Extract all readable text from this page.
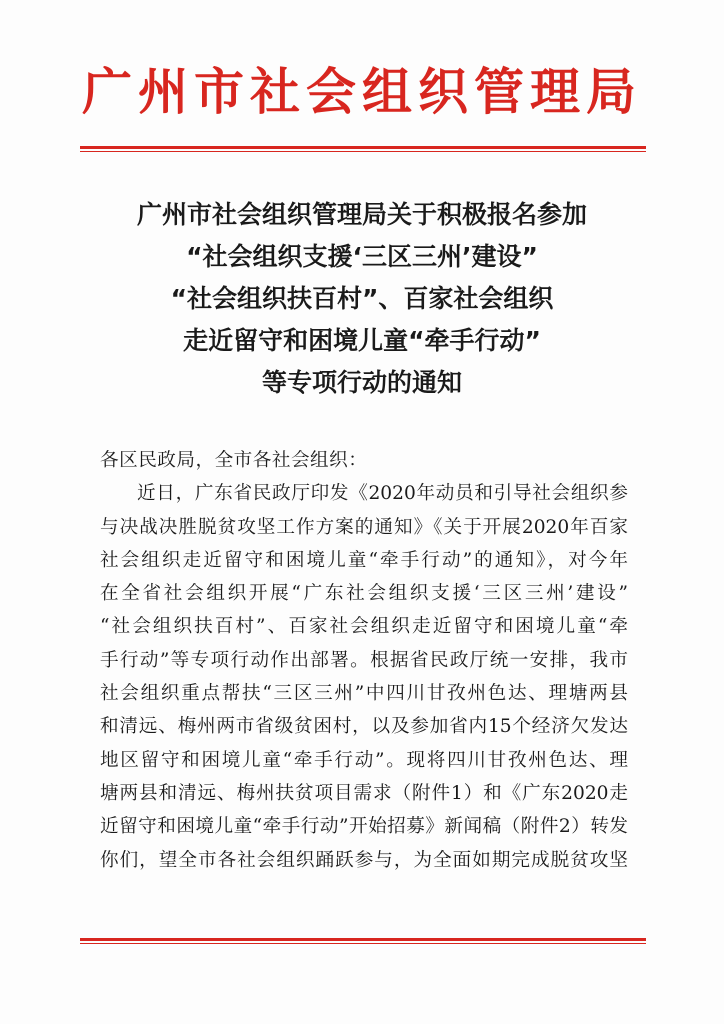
广州市社会组织管理局
广州市社会组织管理局关于积极报名参加
“社会组织支援‘三区三州’建设”
“社会组织扶百村”、百家社会组织
走近留守和困境儿童“牵手行动”
等专项行动的通知
各区民政局，全市各社会组织：
近日，广东省民政厅印发《2020年动员和引导社会组织参
与决战决胜脱贫攻坚工作方案的通知》《关于开展2020年百家
社会组织走近留守和困境儿童“牵手行动”的通知》，对今年
在全省社会组织开展“广东社会组织支援‘三区三州’建设”
“社会组织扶百村”、百家社会组织走近留守和困境儿童“牵
手行动”等专项行动作出部署。根据省民政厅统一安排，我市
社会组织重点帮扶“三区三州”中四川甘孜州色达、理塘两县
和清远、梅州两市省级贫困村，以及参加省内15个经济欠发达
地区留守和困境儿童“牵手行动”。现将四川甘孜州色达、理
塘两县和清远、梅州扶贫项目需求（附件1）和《广东2020走
近留守和困境儿童“牵手行动”开始招募》新闻稿（附件2）转发
你们，望全市各社会组织踊跃参与，为全面如期完成脱贫攻坚
